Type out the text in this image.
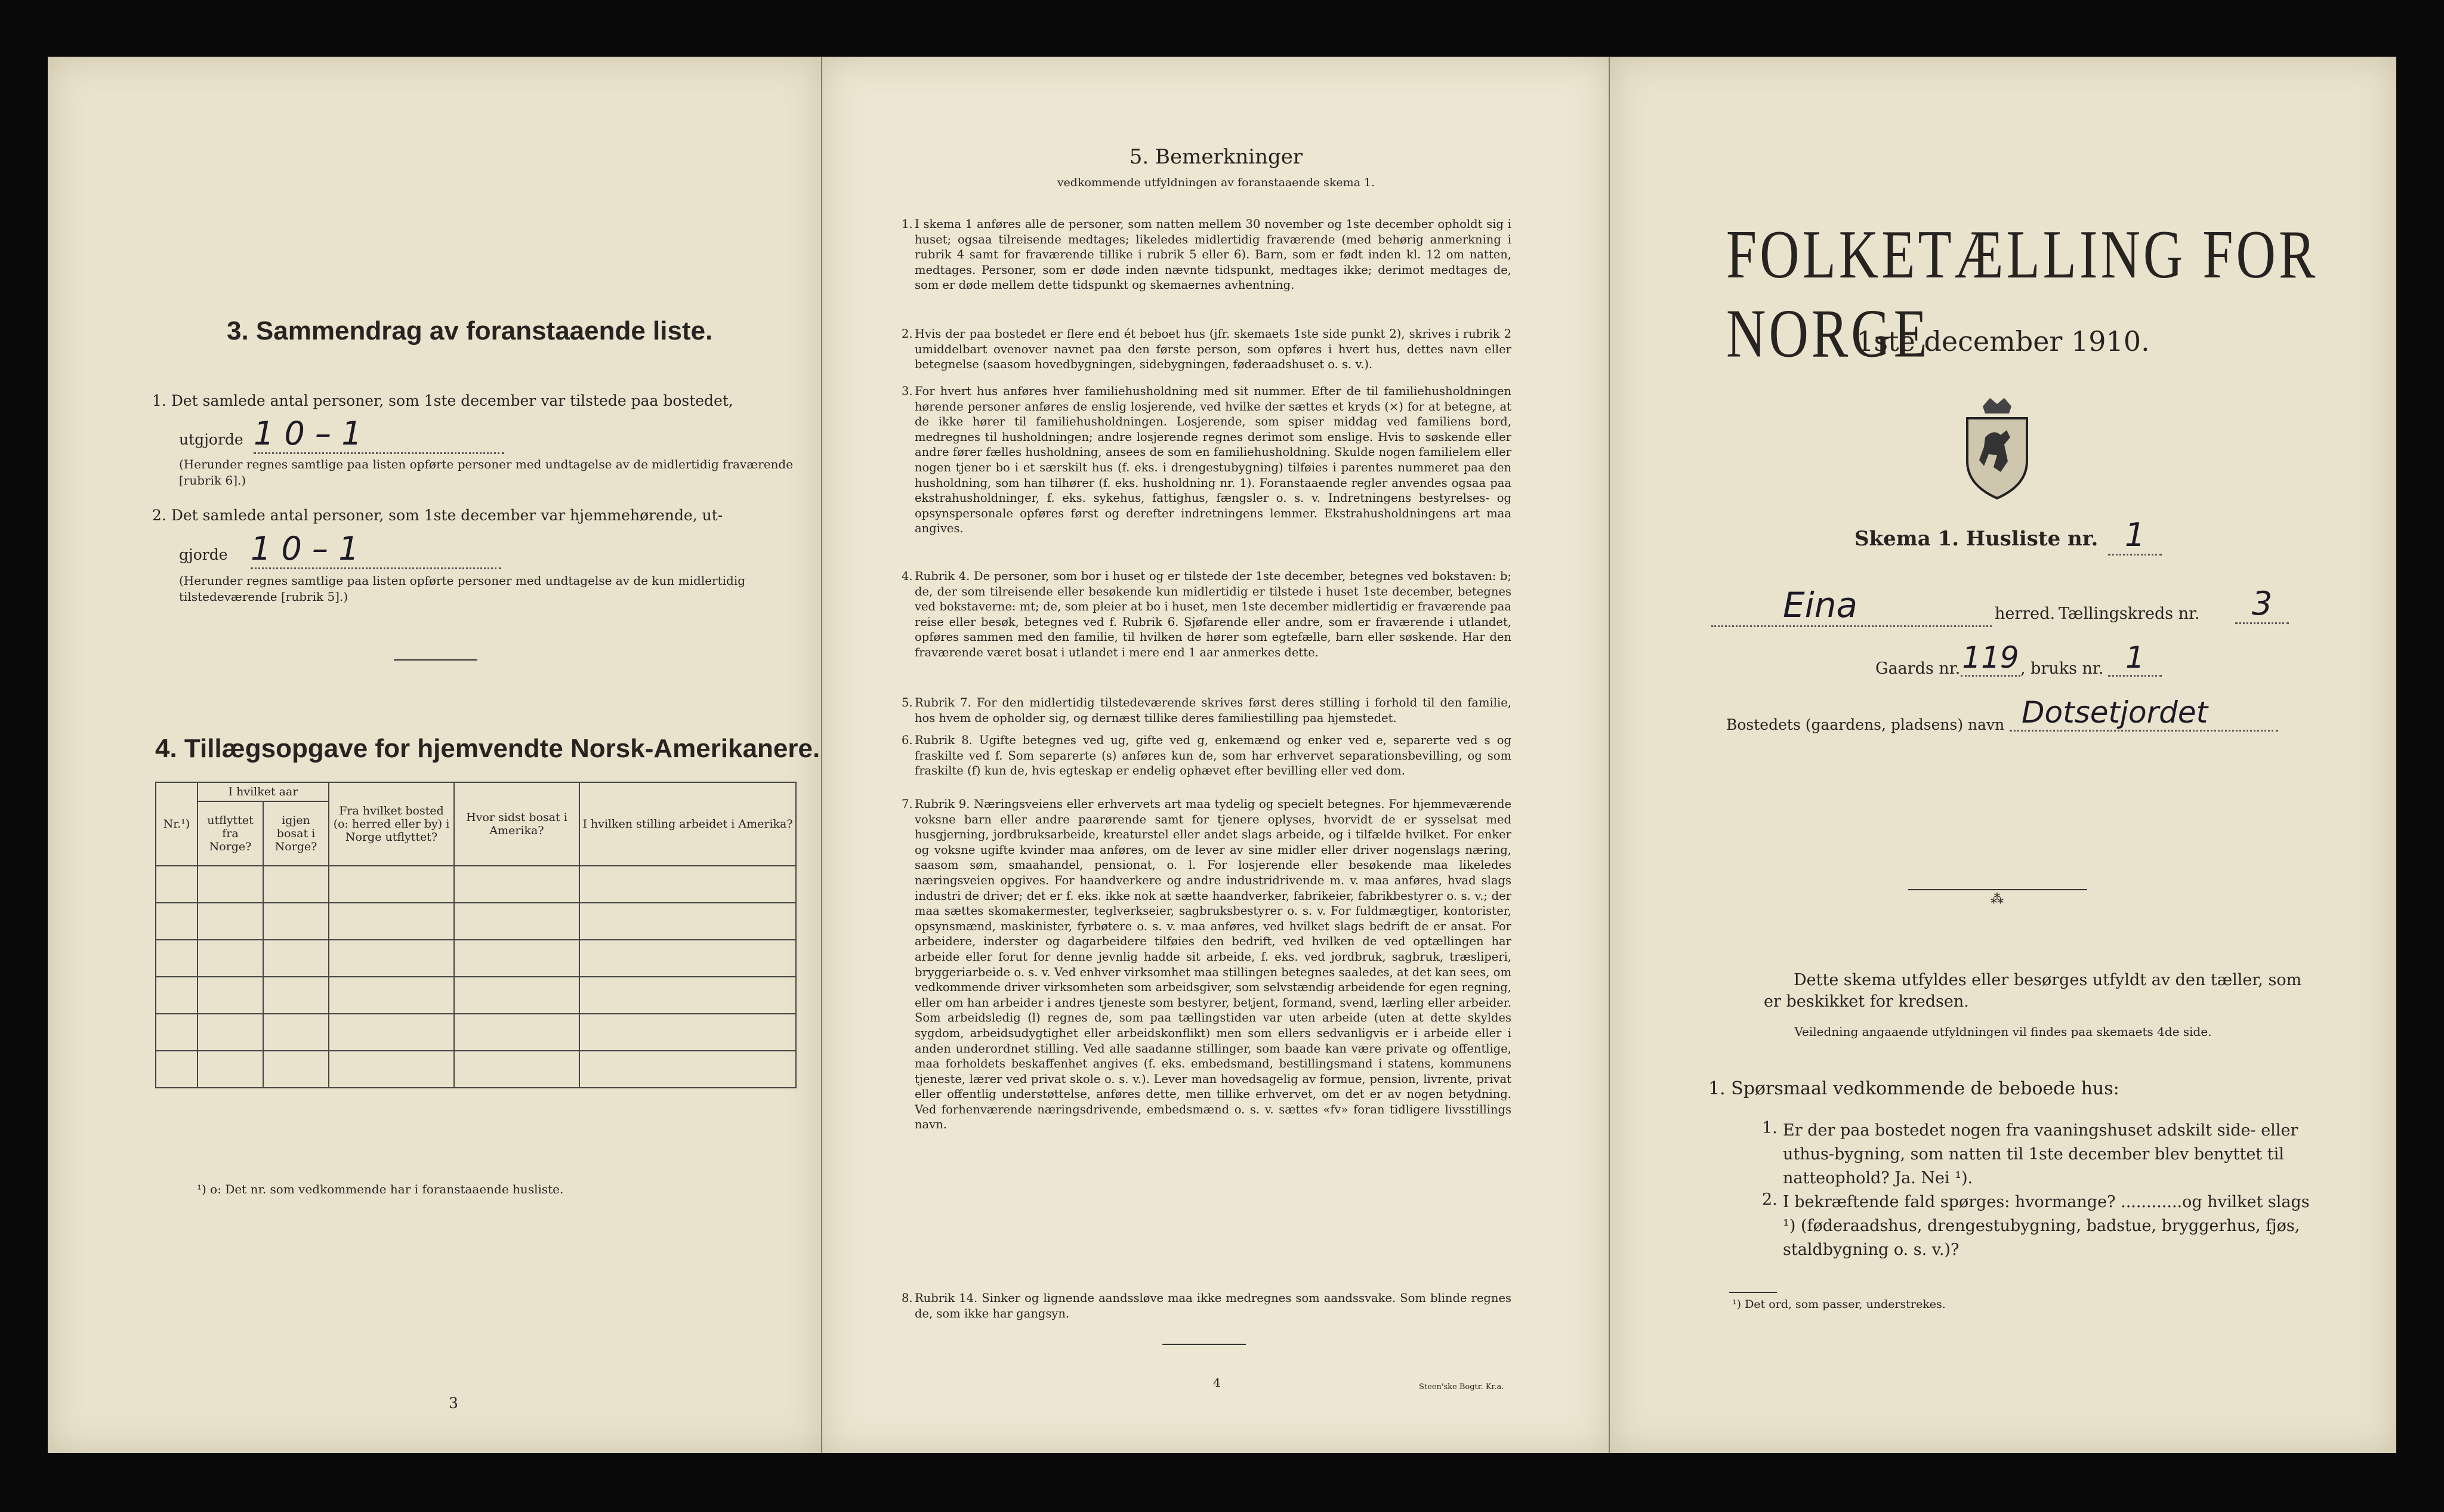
3. Sammendrag av foranstaaende liste.
1. Det samlede antal personer, som 1ste december var tilstede paa bostedet,
utgjorde 1 0 – 1
(Herunder regnes samtlige paa listen opførte personer med undtagelse av de midlertidig fraværende [rubrik 6].)
2. Det samlede antal personer, som 1ste december var hjemmehørende, ut-
gjorde 1 0 – 1
(Herunder regnes samtlige paa listen opførte personer med undtagelse av de kun midlertidig tilstedeværende [rubrik 5].)
4. Tillægsopgave for hjemvendte Norsk-Amerikanere.
Nr.¹)	I hvilket aar		Fra hvilket bosted (o: herred eller by) i Norge utflyttet?	Hvor sidst bosat i Amerika?	I hvilken stilling arbeidet i Amerika?
	utflyttet fra Norge?	igjen bosat i Norge?			

¹) o: Det nr. som vedkommende har i foranstaaende husliste.
3
5. Bemerkninger
vedkommende utfyldningen av foranstaaende skema 1.
1. I skema 1 anføres alle de personer, som natten mellem 30 november og 1ste december opholdt sig i huset; ogsaa tilreisende medtages; likeledes midlertidig fraværende (med behørig anmerkning i rubrik 4 samt for fraværende tillike i rubrik 5 eller 6). Barn, som er født inden kl. 12 om natten, medtages. Personer, som er døde inden nævnte tidspunkt, medtages ikke; derimot medtages de, som er døde mellem dette tidspunkt og skemaernes avhentning.
2. Hvis der paa bostedet er flere end ét beboet hus (jfr. skemaets 1ste side punkt 2), skrives i rubrik 2 umiddelbart ovenover navnet paa den første person, som opføres i hvert hus, dettes navn eller betegnelse (saasom hovedbygningen, sidebygningen, føderaadshuset o. s. v.).
3. For hvert hus anføres hver familiehusholdning med sit nummer. Efter de til familiehusholdningen hørende personer anføres de enslig losjerende, ved hvilke der sættes et kryds (×) for at betegne, at de ikke hører til familiehusholdningen. Losjerende, som spiser middag ved familiens bord, medregnes til husholdningen; andre losjerende regnes derimot som enslige. Hvis to søskende eller andre fører fælles husholdning, ansees de som en familiehusholdning. Skulde nogen familielem eller nogen tjener bo i et særskilt hus (f. eks. i drengestubygning) tilføies i parentes nummeret paa den husholdning, som han tilhører (f. eks. husholdning nr. 1). Foranstaaende regler anvendes ogsaa paa ekstrahusholdninger, f. eks. sykehus, fattighus, fængsler o. s. v. Indretningens bestyrelses- og opsynspersonale opføres først og derefter indretningens lemmer. Ekstrahusholdningens art maa angives.
4. Rubrik 4. De personer, som bor i huset og er tilstede der 1ste december, betegnes ved bokstaven: b; de, der som tilreisende eller besøkende kun midlertidig er tilstede i huset 1ste december, betegnes ved bokstaverne: mt; de, som pleier at bo i huset, men 1ste december midlertidig er fraværende paa reise eller besøk, betegnes ved f. Rubrik 6. Sjøfarende eller andre, som er fraværende i utlandet, opføres sammen med den familie, til hvilken de hører som egtefælle, barn eller søskende. Har den fraværende været bosat i utlandet i mere end 1 aar anmerkes dette.
5. Rubrik 7. For den midlertidig tilstedeværende skrives først deres stilling i forhold til den familie, hos hvem de opholder sig, og dernæst tillike deres familiestilling paa hjemstedet.
6. Rubrik 8. Ugifte betegnes ved ug, gifte ved g, enkemænd og enker ved e, separerte ved s og fraskilte ved f. Som separerte (s) anføres kun de, som har erhvervet separationsbevilling, og som fraskilte (f) kun de, hvis egteskap er endelig ophævet efter bevilling eller ved dom.
7. Rubrik 9. Næringsveiens eller erhvervets art maa tydelig og specielt betegnes. For hjemmeværende voksne barn eller andre paarørende samt for tjenere oplyses, hvorvidt de er sysselsat med husgjerning, jordbruksarbeide, kreaturstel eller andet slags arbeide, og i tilfælde hvilket. For enker og voksne ugifte kvinder maa anføres, om de lever av sine midler eller driver nogenslags næring, saasom søm, smaahandel, pensionat, o. l. For losjerende eller besøkende maa likeledes næringsveien opgives. For haandverkere og andre industridrivende m. v. maa anføres, hvad slags industri de driver; det er f. eks. ikke nok at sætte haandverker, fabrikeier, fabrikbestyrer o. s. v.; der maa sættes skomakermester, teglverkseier, sagbruksbestyrer o. s. v. For fuldmægtiger, kontorister, opsynsmænd, maskinister, fyrbøtere o. s. v. maa anføres, ved hvilket slags bedrift de er ansat. For arbeidere, inderster og dagarbeidere tilføies den bedrift, ved hvilken de ved optællingen har arbeide eller forut for denne jevnlig hadde sit arbeide, f. eks. ved jordbruk, sagbruk, træsliperi, bryggeriarbeide o. s. v. Ved enhver virksomhet maa stillingen betegnes saaledes, at det kan sees, om vedkommende driver virksomheten som arbeidsgiver, som selvstændig arbeidende for egen regning, eller om han arbeider i andres tjeneste som bestyrer, betjent, formand, svend, lærling eller arbeider. Som arbeidsledig (l) regnes de, som paa tællingstiden var uten arbeide (uten at dette skyldes sygdom, arbeidsudygtighet eller arbeidskonflikt) men som ellers sedvanligvis er i arbeide eller i anden underordnet stilling. Ved alle saadanne stillinger, som baade kan være private og offentlige, maa forholdets beskaffenhet angives (f. eks. embedsmand, bestillingsmand i statens, kommunens tjeneste, lærer ved privat skole o. s. v.). Lever man hovedsagelig av formue, pension, livrente, privat eller offentlig understøttelse, anføres dette, men tillike erhvervet, om det er av nogen betydning. Ved forhenværende næringsdrivende, embedsmænd o. s. v. sættes «fv» foran tidligere livsstillings navn.
8. Rubrik 14. Sinker og lignende aandssløve maa ikke medregnes som aandssvake. Som blinde regnes de, som ikke har gangsyn.
4	Steen'ske Bogtr. Kr.a.
FOLKETÆLLING FOR NORGE
1ste december 1910.
Skema 1. Husliste nr. 1
Eina	herred. Tællingskreds nr.	3
Gaards nr. 119 , bruks nr. 1
Bostedets (gaardens, pladsens) navn Dotsetjordet
⁂
Dette skema utfyldes eller besørges utfyldt av den tæller, som er beskikket for kredsen.
Veiledning angaaende utfyldningen vil findes paa skemaets 4de side.
1. Spørsmaal vedkommende de beboede hus:
1. Er der paa bostedet nogen fra vaaningshuset adskilt side- eller uthus-bygning, som natten til 1ste december blev benyttet til natteophold? Ja. Nei ¹).
2. I bekræftende fald spørges: hvormange? ............og hvilket slags ¹) (føderaadshus, drengestubygning, badstue, bryggerhus, fjøs, staldbygning o. s. v.)?
¹) Det ord, som passer, understrekes.
